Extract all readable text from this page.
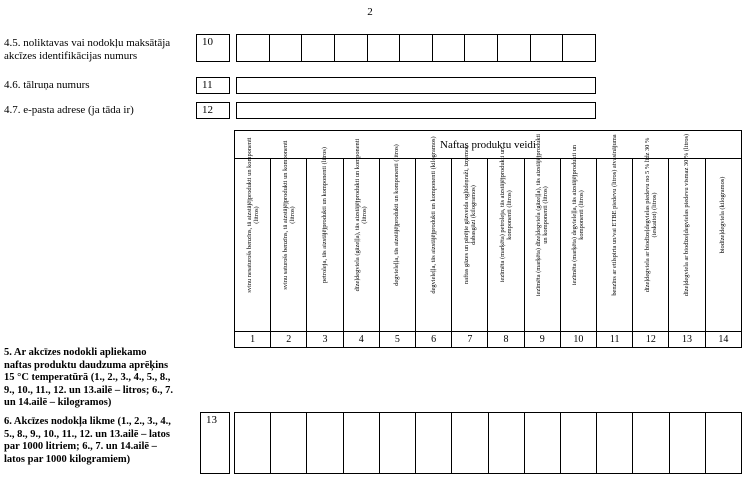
2
4.5. noliktavas vai nodokļu maksātāja
akcīzes identifikācijas numurs
10
4.6. tālruņa numurs	11
4.7. e-pasta adrese (ja tāda ir)	12
Naftas produktu veidi													

svinu nesaturošs benzīns, tā aizstājējprodukti un komponenti (litros)	svinu saturošs benzīns, tā aizstājējprodukti un komponenti (litros)	petroleja, tās aizstājējprodukti un komponenti (litros)	dīzeļdegviela (gāzeļļa), tās aizstājējprodukti un komponenti (litros)	degvieleļļa, tās aizstājējprodukti un komponenti (litros)	degvieleļļa, tās aizstājējprodukti un komponenti (kilogramos)	naftas gāzes un pārējie gāzveida ogļūdeņraži, izņemot dabasgāzi (kilogramos)	iezīmēta (marķēta) petroleja, tās aizstājējprodukti un komponenti (litros)	iezīmēta (marķēta) dīzeļdegviela (gāzeļļa), tās aizstājējprodukti un komponenti (litros)	iezīmēta (marķēta) degvieleļļa, tās aizstājējprodukti un komponenti (litros)	benzīns ar etilspirta un/vai ETBE piedevu (litros) atvasinājuma	dīzeļdegviela ar biodīzeļdegvielas piedevu no 5 % līdz 30 % (ieskaitot) (litros)	dīzeļdegviela ar biodīzeļdegvielas piedevu vismaz 30 % (litros)	biodīzeļdegviela (kilogramos)

1	2	3	4	5	6	7	8	9	10	11	12	13	14
5. Ar akcīzes nodokli apliekamo
naftas produktu daudzuma aprēķins
15 °C temperatūrā (1., 2., 3., 4., 5., 8.,
9., 10., 11., 12. un 13.ailē – litros; 6., 7.
un 14.ailē – kilogramos)
6. Akcīzes nodokļa likme (1., 2., 3., 4.,
5., 8., 9., 10., 11., 12. un 13.ailē – latos
par 1000 litriem; 6., 7. un 14.ailē –
latos par 1000 kilogramiem)
13
